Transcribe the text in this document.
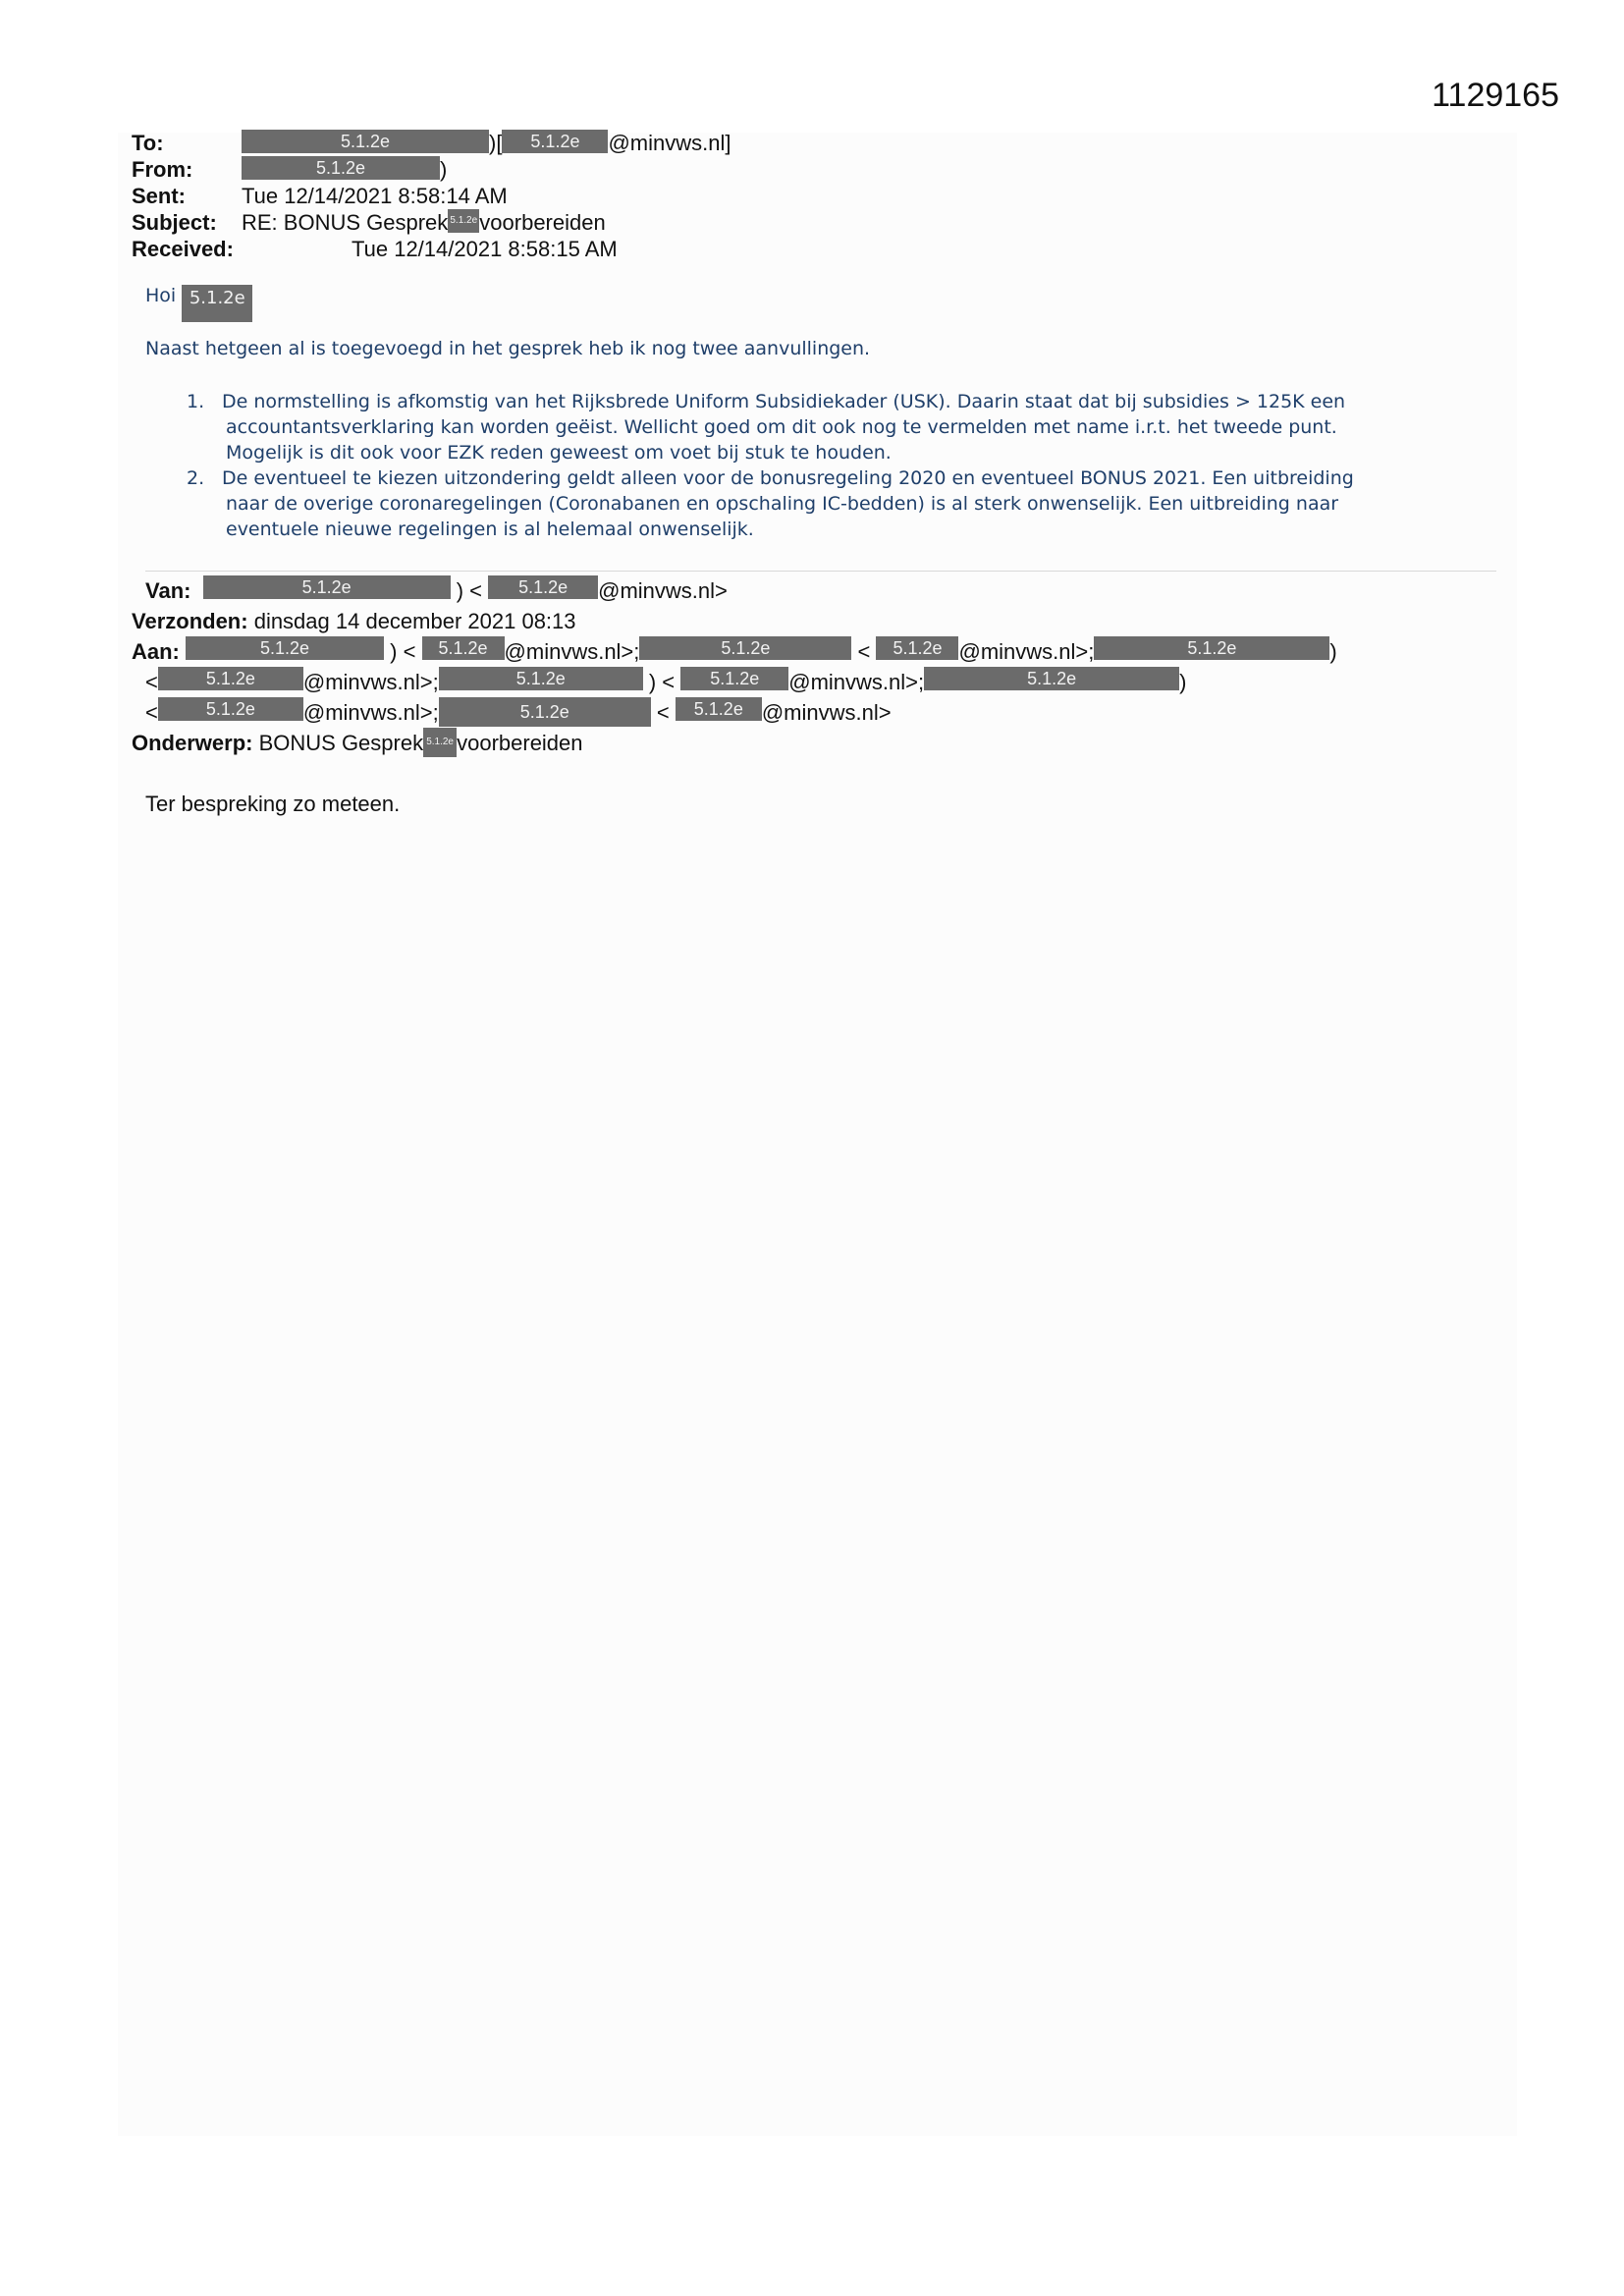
1129165
To:	5.1.2e	)[ 5.1.2e @minvws.nl]
From:	5.1.2e	)
Sent:	Tue 12/14/2021 8:58:14 AM
Subject: RE: BONUS Gesprek 5.1.2evoorbereiden
Received:	Tue 12/14/2021 8:58:15 AM
Hoi 5.1.2e
Naast hetgeen al is toegevoegd in het gesprek heb ik nog twee aanvullingen.
1. De normstelling is afkomstig van het Rijksbrede Uniform Subsidiekader (USK). Daarin staat dat bij subsidies > 125K een
accountantsverklaring kan worden geëist. Wellicht goed om dit ook nog te vermelden met name i.r.t. het tweede punt.
Mogelijk is dit ook voor EZK reden geweest om voet bij stuk te houden.
2. De eventueel te kiezen uitzondering geldt alleen voor de bonusregeling 2020 en eventueel BONUS 2021. Een uitbreiding
naar de overige coronaregelingen (Coronabanen en opschaling IC-bedden) is al sterk onwenselijk. Een uitbreiding naar
eventuele nieuwe regelingen is al helemaal onwenselijk.
Van:	5.1.2e	) < 5.1.2e @minvws.nl>
Verzonden: dinsdag 14 december 2021 08:13
Aan:	5.1.2e	) < 5.1.2e @minvws.nl>;	5.1.2e	< 5.1.2e @minvws.nl>;	5.1.2e	)
<	5.1.2e @minvws.nl>;	5.1.2e	) < 5.1.2e @minvws.nl>;	5.1.2e	)
<	5.1.2e @minvws.nl>;	5.1.2e	< 5.1.2e @minvws.nl>
Onderwerp: BONUS Gesprek 5.1.2e voorbereiden
Ter bespreking zo meteen.
